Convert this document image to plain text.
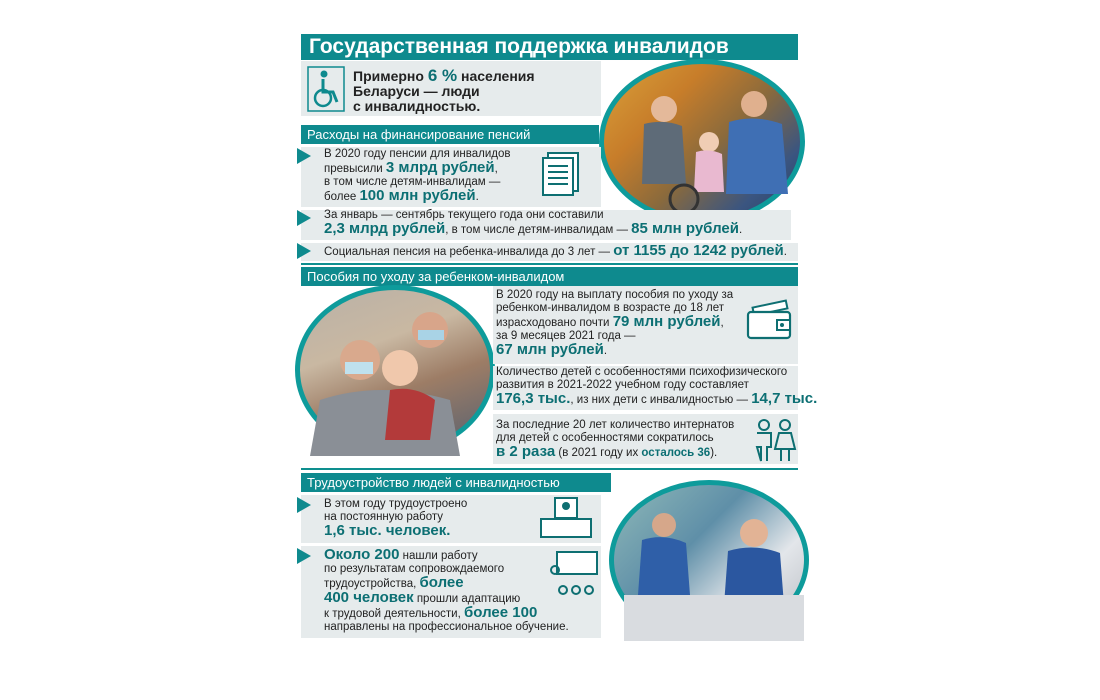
Государственная поддержка инвалидов
Примерно 6 % населения
Беларуси — люди
с инвалидностью.
Расходы на финансирование пенсий
В 2020 году пенсии для инвалидов
превысили 3 млрд рублей,
в том числе детям-инвалидам —
более 100 млн рублей.
За январь — сентябрь текущего года они составили
2,3 млрд рублей, в том числе детям-инвалидам — 85 млн рублей.
Социальная пенсия на ребенка-инвалида до 3 лет — от 1155 до 1242 рублей.
Пособия по уходу за ребенком-инвалидом
В 2020 году на выплату пособия по уходу за
ребенком-инвалидом в возрасте до 18 лет
израсходовано почти 79 млн рублей,
за 9 месяцев 2021 года —
67 млн рублей.
Количество детей с особенностями психофизического
развития в 2021-2022 учебном году составляет
176,3 тыс., из них дети с инвалидностью — 14,7 тыс.
За последние 20 лет количество интернатов
для детей с особенностями сократилось
в 2 раза (в 2021 году их осталось 36).
Трудоустройство людей с инвалидностью
В этом году трудоустроено
на постоянную работу
1,6 тыс. человек.
Около 200 нашли работу
по результатам сопровождаемого
трудоустройства, более
400 человек прошли адаптацию
к трудовой деятельности, более 100
направлены на профессиональное обучение.
